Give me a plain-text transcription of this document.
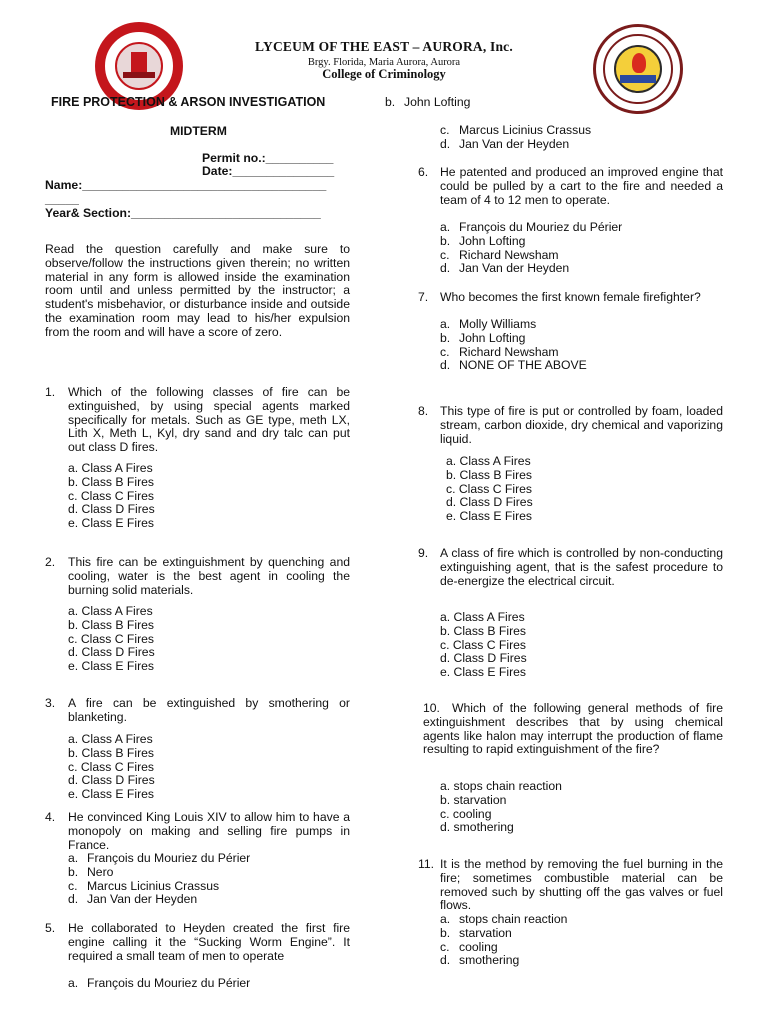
LYCEUM OF THE EAST – AURORA, Inc.
Brgy. Florida, Maria Aurora, Aurora
College of Criminology
FIRE PROTECTION & ARSON INVESTIGATION
MIDTERM
Permit no.:__________
Date:_______________
Name:____________________________________
_____
Year& Section:____________________________
Read the question carefully and make sure to observe/follow the instructions given therein; no written material in any form is allowed inside the examination room until and unless permitted by the instructor; a student's misbehavior, or disturbance inside and outside the examination room may lead to his/her expulsion from the room and will have a score of zero.
1. Which of the following classes of fire can be extinguished, by using special agents marked specifically for metals. Such as GE type, meth LX, Lith X, Meth L, Kyl, dry sand and dry talc can put out class D fires.
a. Class A Fires
b. Class B Fires
c. Class C Fires
d. Class D Fires
e. Class E Fires
2. This fire can be extinguishment by quenching and cooling, water is the best agent in cooling the burning solid materials.
a. Class A Fires
b. Class B Fires
c. Class C Fires
d. Class D Fires
e. Class E Fires
3. A fire can be extinguished by smothering or blanketing.
a. Class A Fires
b. Class B Fires
c. Class C Fires
d. Class D Fires
e. Class E Fires
4. He convinced King Louis XIV to allow him to have a monopoly on making and selling fire pumps in France.
a. François du Mouriez du Périer
b. Nero
c. Marcus Licinius Crassus
d. Jan Van der Heyden
5. He collaborated to Heyden created the first fire engine calling it the “Sucking Worm Engine”. It required a small team of men to operate
a. François du Mouriez du Périer
b. John Lofting
c. Marcus Licinius Crassus
d. Jan Van der Heyden
6. He patented and produced an improved engine that could be pulled by a cart to the fire and needed a team of 4 to 12 men to operate.
a. François du Mouriez du Périer
b. John Lofting
c. Richard Newsham
d. Jan Van der Heyden
7. Who becomes the first known female firefighter?
a. Molly Williams
b. John Lofting
c. Richard Newsham
d. NONE OF THE ABOVE
8. This type of fire is put or controlled by foam, loaded stream, carbon dioxide, dry chemical and vaporizing liquid.
a. Class A Fires
b. Class B Fires
c. Class C Fires
d. Class D Fires
e. Class E Fires
9. A class of fire which is controlled by non-conducting extinguishing agent, that is the safest procedure to de-energize the electrical circuit.
a. Class A Fires
b. Class B Fires
c. Class C Fires
d. Class D Fires
e. Class E Fires
10. Which of the following general methods of fire extinguishment describes that by using chemical agents like halon may interrupt the production of flame resulting to rapid extinguishment of the fire?
a. stops chain reaction
b. starvation
c. cooling
d. smothering
11. It is the method by removing the fuel burning in the fire; sometimes combustible material can be removed such by shutting off the gas valves or fuel flows.
a. stops chain reaction
b. starvation
c. cooling
d. smothering
